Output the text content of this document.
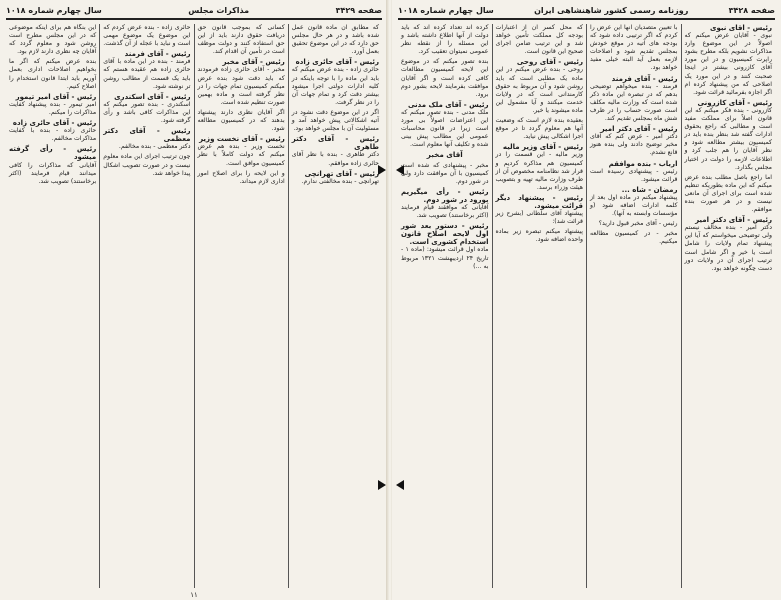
صفحه ۳۴۲۹
مذاکرات مجلس
سال چهارم شماره ۱۰۱۸

که مطابق آن ماده قانون عمل شده باشد و در هر حال مجلس حق دارد که در این موضوع تحقیق بعمل آورد.

رئیس - آقای حائری زاده

حائری زاده - بنده عرض میکنم که باید این ماده را با توجه باینکه در کلیه ادارات دولتی اجرا میشود بیشتر دقت کرد و تمام جهات آن را در نظر گرفت.

اگر در این موضوع دقت نشود در آتیه اشکالاتی پیش خواهد آمد و مسئولیت آن با مجلس خواهد بود.

رئیس - آقای دکتر طاهری

دکتر طاهری - بنده با نظر آقای حائری زاده موافقم.

رئیس - آقای تهرانچی

تهرانچی - بنده مخالفتی ندارم.

کسانی که بموجب قانون حق دریافت حقوق دارند باید از این حق استفاده کنند و دولت موظف است در تأمین آن اقدام کند.

رئیس - آقای مخبر

مخبر - آقای حائری زاده فرمودند که باید دقت شود بنده عرض میکنم کمیسیون تمام جهات را در نظر گرفته است و ماده بهمین صورت تنظیم شده است.

اگر آقایان نظری دارند پیشنهاد بدهند که در کمیسیون مطالعه شود.

رئیس - آقای نخست وزیر

نخست وزیر - بنده هم عرض میکنم که دولت کاملاً با نظر کمیسیون موافق است.

و این لایحه را برای اصلاح امور اداری لازم میداند.

حائری زاده - بنده عرض کردم که این موضوع یک موضوع مهمی است و نباید با عجله از آن گذشت.

رئیس - آقای فرمند

فرمند - بنده در این ماده با آقای حائری زاده هم عقیده هستم که باید یک قسمت از مطالب روشن تر نوشته شود.

رئیس - آقای اسکندری

اسکندری - بنده تصور میکنم که این مذاکرات کافی باشد و رأی گرفته شود.

رئیس - آقای دکتر معظمی

دکتر معظمی - بنده مخالفم.

چون ترتیب اجرای این ماده معلوم نیست و در صورت تصویب اشکال پیدا خواهد شد.

این بنگاه هم برای اینکه موضوعی که در این مجلس مطرح است روشن شود و معلوم گردد که آقایان چه نظری دارند لازم بود.

بنده عرض میکنم که اگر ما بخواهیم اصلاحات اداری بعمل آوریم باید ابتدا قانون استخدام را اصلاح کنیم.

رئیس - آقای امیر تیمور

امیر تیمور - بنده پیشنهاد کفایت مذاکرات را میکنم.

رئیس - آقای حائری زاده

حائری زاده - بنده با کفایت مذاکرات مخالفم.

رئیس - رأی گرفته میشود

آقایانی که مذاکرات را کافی میدانند قیام فرمایند (اکثر برخاستند) تصویب شد.

۱۱
صفحه ۳۴۲۸
روزنامه رسمی کشور شاهنشاهی ایران
سال چهارم شماره ۱۰۱۸
رئیس - آقای نبوی

نبوی - آقایان عرض میکنم که اصولاً در این موضوع وارد مذاکرات نشویم بلکه مطرح بشود راپرت کمیسیون و در این مورد آقای کازرونی بیشتر در اینجا صحبت کنند و در این مورد یک اصلاحی که من پیشنهاد کرده ام اگر اجازه بفرمائید قرائت شود.

رئیس - آقای کازرونی

کازرونی - بنده فکر میکنم که این قانون اصلاً برای مملکت مفید است و مطالبی که راجع بحقوق ادارات گفته شد بنظر بنده باید در کمیسیون بیشتر مطالعه شود و نظر آقایان را هم جلب کرد و اطلاعات لازمه را دولت در اختیار مجلس بگذارد.

اما راجع باصل مطلب بنده عرض میکنم که این ماده بطوریکه تنظیم شده است برای اجرای آن مانعی نیست و در هر صورت بنده موافقم.

رئیس - آقای دکتر امیر

دکتر امیر - بنده مخالف نیستم ولی توضیحی میخواستم که آیا این پیشنهاد تمام ولایات را شامل است یا خیر و اگر شامل است ترتیب اجرای آن در ولایات دور دست چگونه خواهد بود.

با تعیین متصدیان آنها این عرض را کردم که اگر ترتیبی داده شود که بودجه های آتیه در موقع خودش بمجلس تقدیم شود و اصلاحات لازمه بعمل آید البته خیلی مفید خواهد بود.

رئیس - آقای فرمند

فرمند - بنده میخواهم توضیحی بدهم که در تبصره این ماده ذکر شده است که وزارت مالیه مکلف است صورت حساب را در ظرف شش ماه بمجلس تقدیم کند.

رئیس - آقای دکتر امیر

دکتر امیر - عرض کنم که آقای مخبر توضیح دادند ولی بنده هنوز قانع نشدم.

ارباب - بنده موافقم

رئیس - پیشنهادی رسیده است قرائت میشود.

رمضان - شاه ...

پیشنهاد میکنم در ماده اول بعد از کلمه ادارات اضافه شود (و مؤسسات وابسته به آنها).

رئیس - آقای مخبر قبول دارید؟

مخبر - در کمیسیون مطالعه میکنیم.

که محل کسر آن از اعتبارات بودجه کل مملکت تأمین خواهد شد و این ترتیب ضامن اجرای صحیح این قانون است.

رئیس - آقای روحی

روحی - بنده عرض میکنم در این ماده یک مطلبی است که باید روشن شود و آن مربوط به حقوق کارمندانی است که در ولایات خدمت میکنند و آیا مشمول این ماده میشوند یا خیر.

بعقیده بنده لازم است که وضعیت آنها هم معلوم گردد تا در موقع اجرا اشکالی پیش نیاید.

رئیس - آقای وزیر مالیه

وزیر مالیه - این قسمت را در کمیسیون هم مذاکره کردیم و قرار شد نظامنامه مخصوص آن از طرف وزارت مالیه تهیه و بتصویب هیئت وزراء برسد.

رئیس - پیشنهاد دیگر قرائت میشود.

پیشنهاد آقای سلطانی (بشرح زیر قرائت شد):

پیشنهاد میکنم تبصره زیر بماده واحده اضافه شود.

کرده اند تعداد کرده اند که باید دولت از آنها اطلاع داشته باشد و این مسئله را از نقطه نظر عمومی نمیتوان تعقیب کرد.

بنده تصور میکنم که در موضوع این لایحه کمیسیون مطالعات کافی کرده است و اگر آقایان موافقت بفرمایند لایحه بشور دوم برود.

رئیس - آقای ملک مدنی

ملک مدنی - بنده تصور میکنم که این اعتراضات اصولاً بی مورد است زیرا در قانون محاسبات عمومی این مطالب پیش بینی شده و تکلیف آنها معلوم است.

آقای مخبر

مخبر - پیشنهادی که شده است کمیسیون با آن موافقت دارد ولی در شور دوم.

رئیس - رأی میگیریم بورود در شور دوم.

آقایانی که موافقند قیام فرمایند (اکثر برخاستند) تصویب شد.

رئیس - دستور بعد شور اول لایحه اصلاح قانون استخدام کشوری است.

ماده اول قرائت میشود: (ماده ۱ - تاریخ ۲۴ اردیبهشت ۱۳۲۱ مربوط به ...)
